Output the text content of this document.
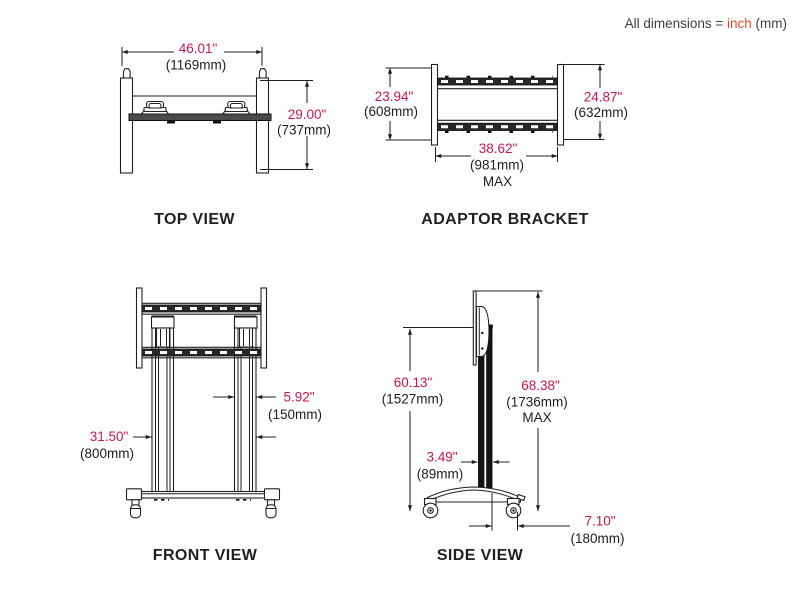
All dimensions = inch (mm)
46.01"
(1169mm)
29.00"
(737mm)
23.94"
(608mm)
24.87"
(632mm)
38.62"
(981mm)
MAX
5.92"
(150mm)
31.50"
(800mm)
60.13"
(1527mm)
68.38"
(1736mm)
MAX
3.49"
(89mm)
7.10"
(180mm)
TOP VIEW	ADAPTOR BRACKET
FRONT VIEW	SIDE VIEW
